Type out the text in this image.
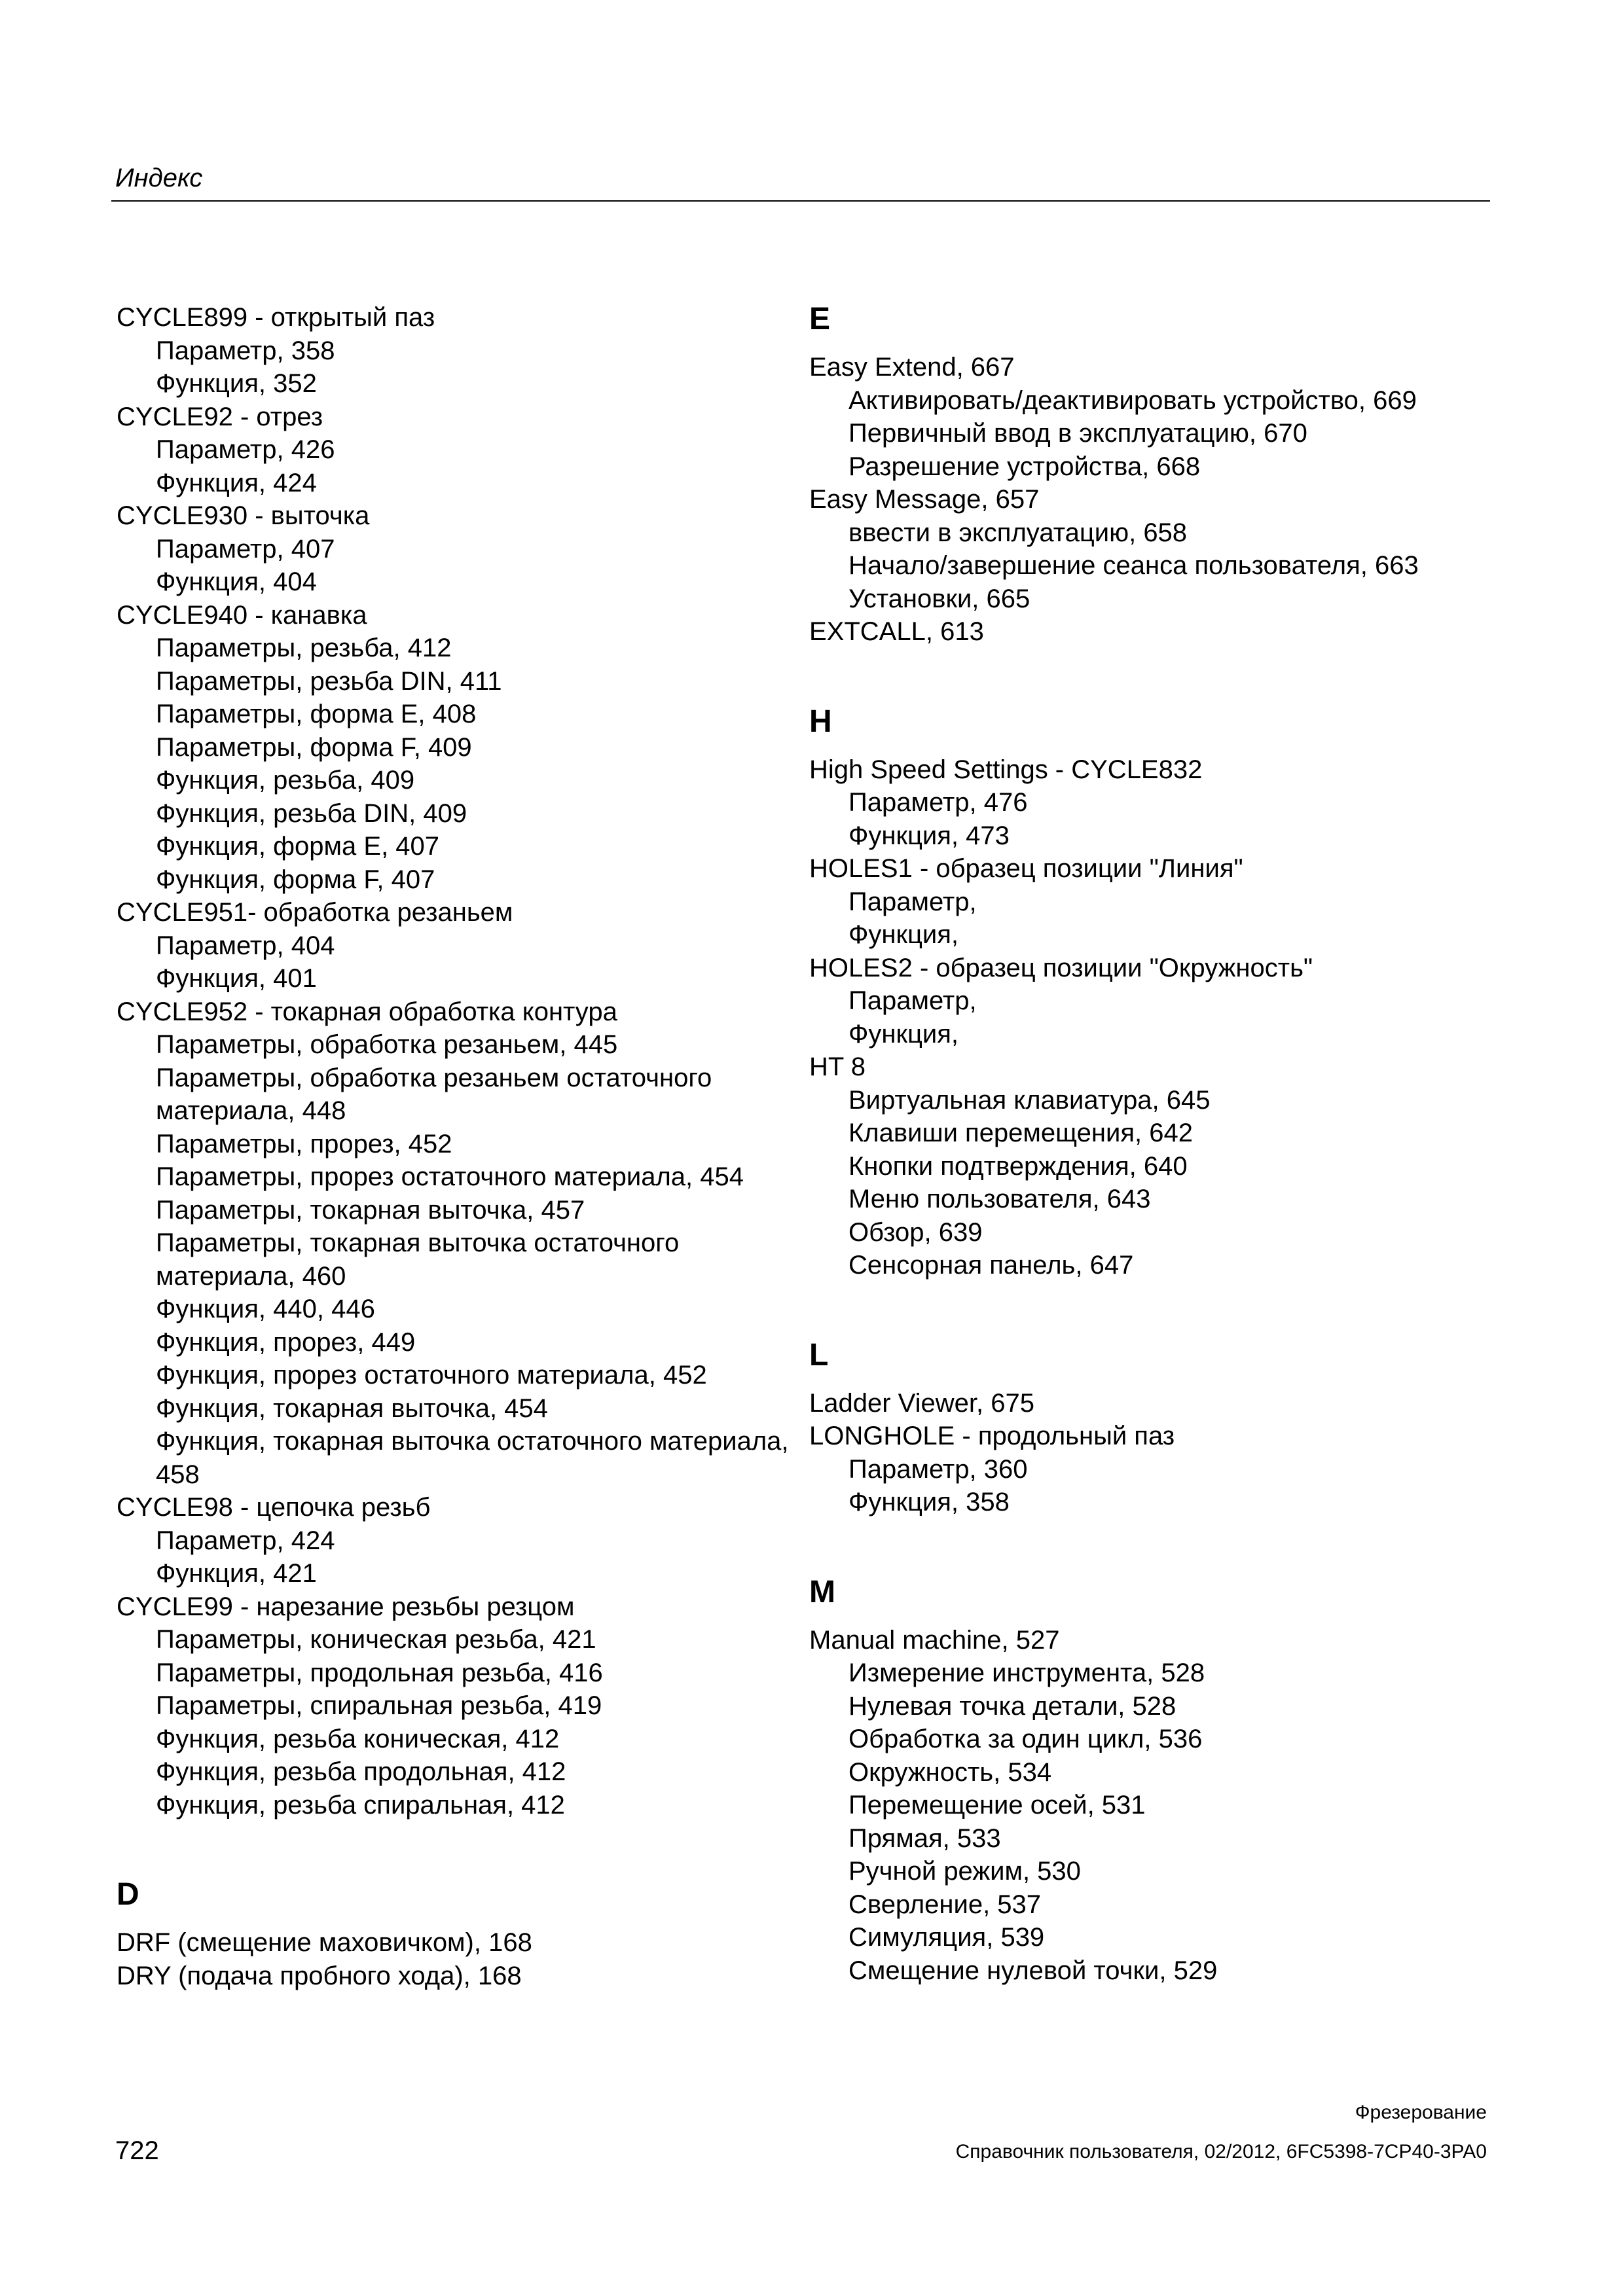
Индекс
CYCLE899 - открытый паз
Параметр, 358
Функция, 352
CYCLE92 - отрез
Параметр, 426
Функция, 424
CYCLE930 - выточка
Параметр, 407
Функция, 404
CYCLE940 - канавка
Параметры, резьба, 412
Параметры, резьба DIN, 411
Параметры, форма E, 408
Параметры, форма F, 409
Функция, резьба, 409
Функция, резьба DIN, 409
Функция, форма E, 407
Функция, форма F, 407
CYCLE951- обработка резаньем
Параметр, 404
Функция, 401
CYCLE952 - токарная обработка контура
Параметры, обработка резаньем, 445
Параметры, обработка резаньем остаточного материала, 448
Параметры, прорез, 452
Параметры, прорез остаточного материала, 454
Параметры, токарная выточка, 457
Параметры, токарная выточка остаточного материала, 460
Функция, 440, 446
Функция, прорез, 449
Функция, прорез остаточного материала, 452
Функция, токарная выточка, 454
Функция, токарная выточка остаточного материала, 458
CYCLE98 - цепочка резьб
Параметр, 424
Функция, 421
CYCLE99 - нарезание резьбы резцом
Параметры, коническая резьба, 421
Параметры, продольная резьба, 416
Параметры, спиральная резьба, 419
Функция, резьба коническая, 412
Функция, резьба продольная, 412
Функция, резьба спиральная, 412
D
DRF (смещение маховичком), 168
DRY (подача пробного хода), 168
E
Easy Extend, 667
Активировать/деактивировать устройство, 669
Первичный ввод в эксплуатацию, 670
Разрешение устройства, 668
Easy Message, 657
ввести в эксплуатацию, 658
Начало/завершение сеанса пользователя, 663
Установки, 665
EXTCALL, 613
H
High Speed Settings - CYCLE832
Параметр, 476
Функция, 473
HOLES1 - образец позиции "Линия"
Параметр,
Функция,
HOLES2 - образец позиции "Окружность"
Параметр,
Функция,
HT 8
Виртуальная клавиатура, 645
Клавиши перемещения, 642
Кнопки подтверждения, 640
Меню пользователя, 643
Обзор, 639
Сенсорная панель, 647
L
Ladder Viewer, 675
LONGHOLE - продольный паз
Параметр, 360
Функция, 358
M
Manual machine, 527
Измерение инструмента, 528
Нулевая точка детали, 528
Обработка за один цикл, 536
Окружность, 534
Перемещение осей, 531
Прямая, 533
Ручной режим, 530
Сверление, 537
Симуляция, 539
Смещение нулевой точки, 529
Фрезерование
722	Справочник пользователя, 02/2012, 6FC5398-7CP40-3PA0
